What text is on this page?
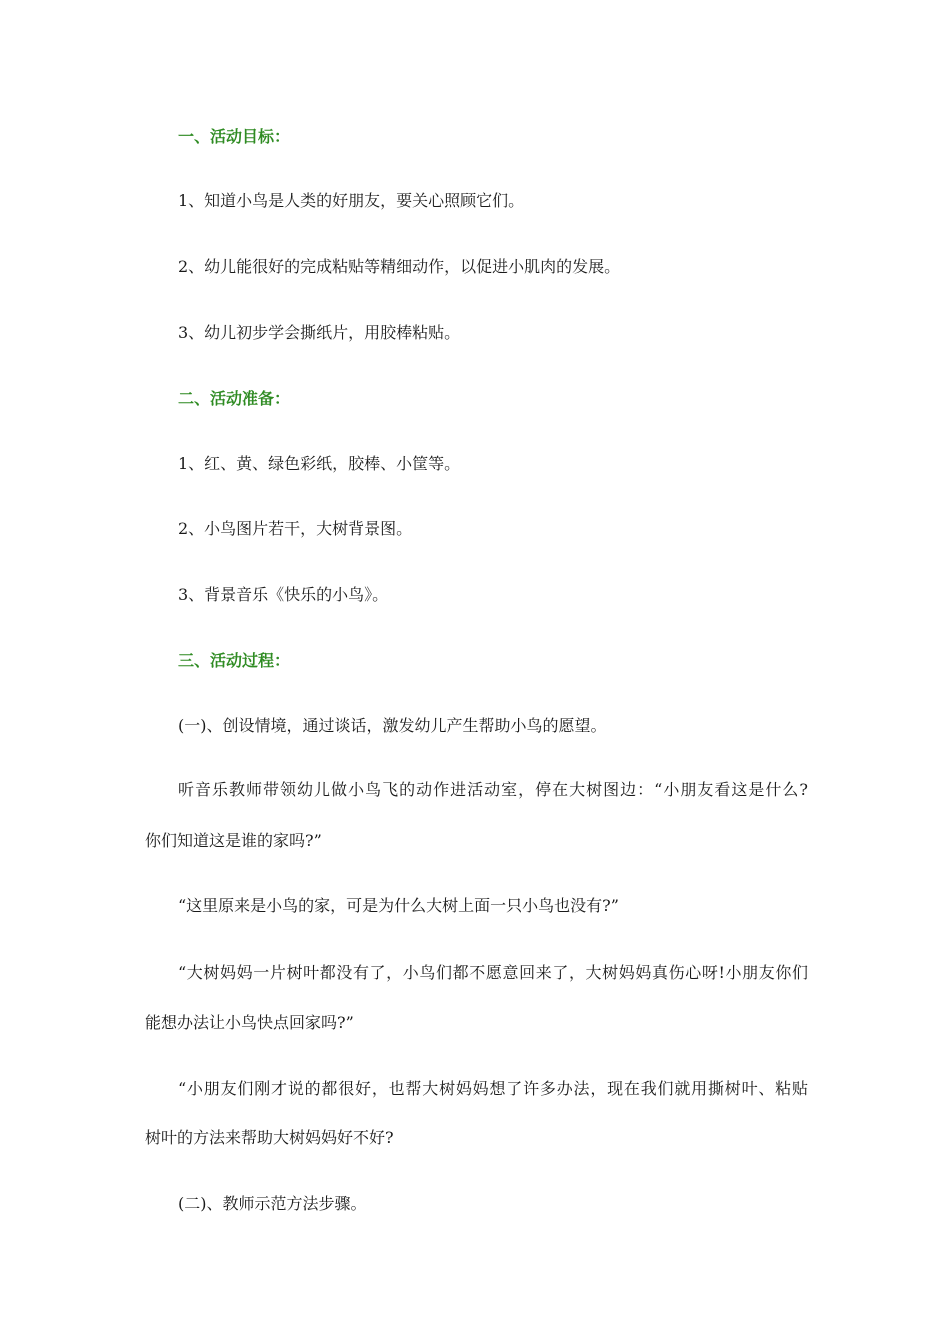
一、活动目标：
1、知道小鸟是人类的好朋友，要关心照顾它们。
2、幼儿能很好的完成粘贴等精细动作，以促进小肌肉的发展。
3、幼儿初步学会撕纸片，用胶棒粘贴。
二、活动准备：
1、红、黄、绿色彩纸，胶棒、小筐等。
2、小鸟图片若干，大树背景图。
3、背景音乐《快乐的小鸟》。
三、活动过程：
(一)、创设情境，通过谈话，激发幼儿产生帮助小鸟的愿望。
听音乐教师带领幼儿做小鸟飞的动作进活动室，停在大树图边：“小朋友看这是什么?
你们知道这是谁的家吗?”
“这里原来是小鸟的家，可是为什么大树上面一只小鸟也没有?”
“大树妈妈一片树叶都没有了，小鸟们都不愿意回来了，大树妈妈真伤心呀!小朋友你们
能想办法让小鸟快点回家吗?”
“小朋友们刚才说的都很好，也帮大树妈妈想了许多办法，现在我们就用撕树叶、粘贴
树叶的方法来帮助大树妈妈好不好?
(二)、教师示范方法步骤。
